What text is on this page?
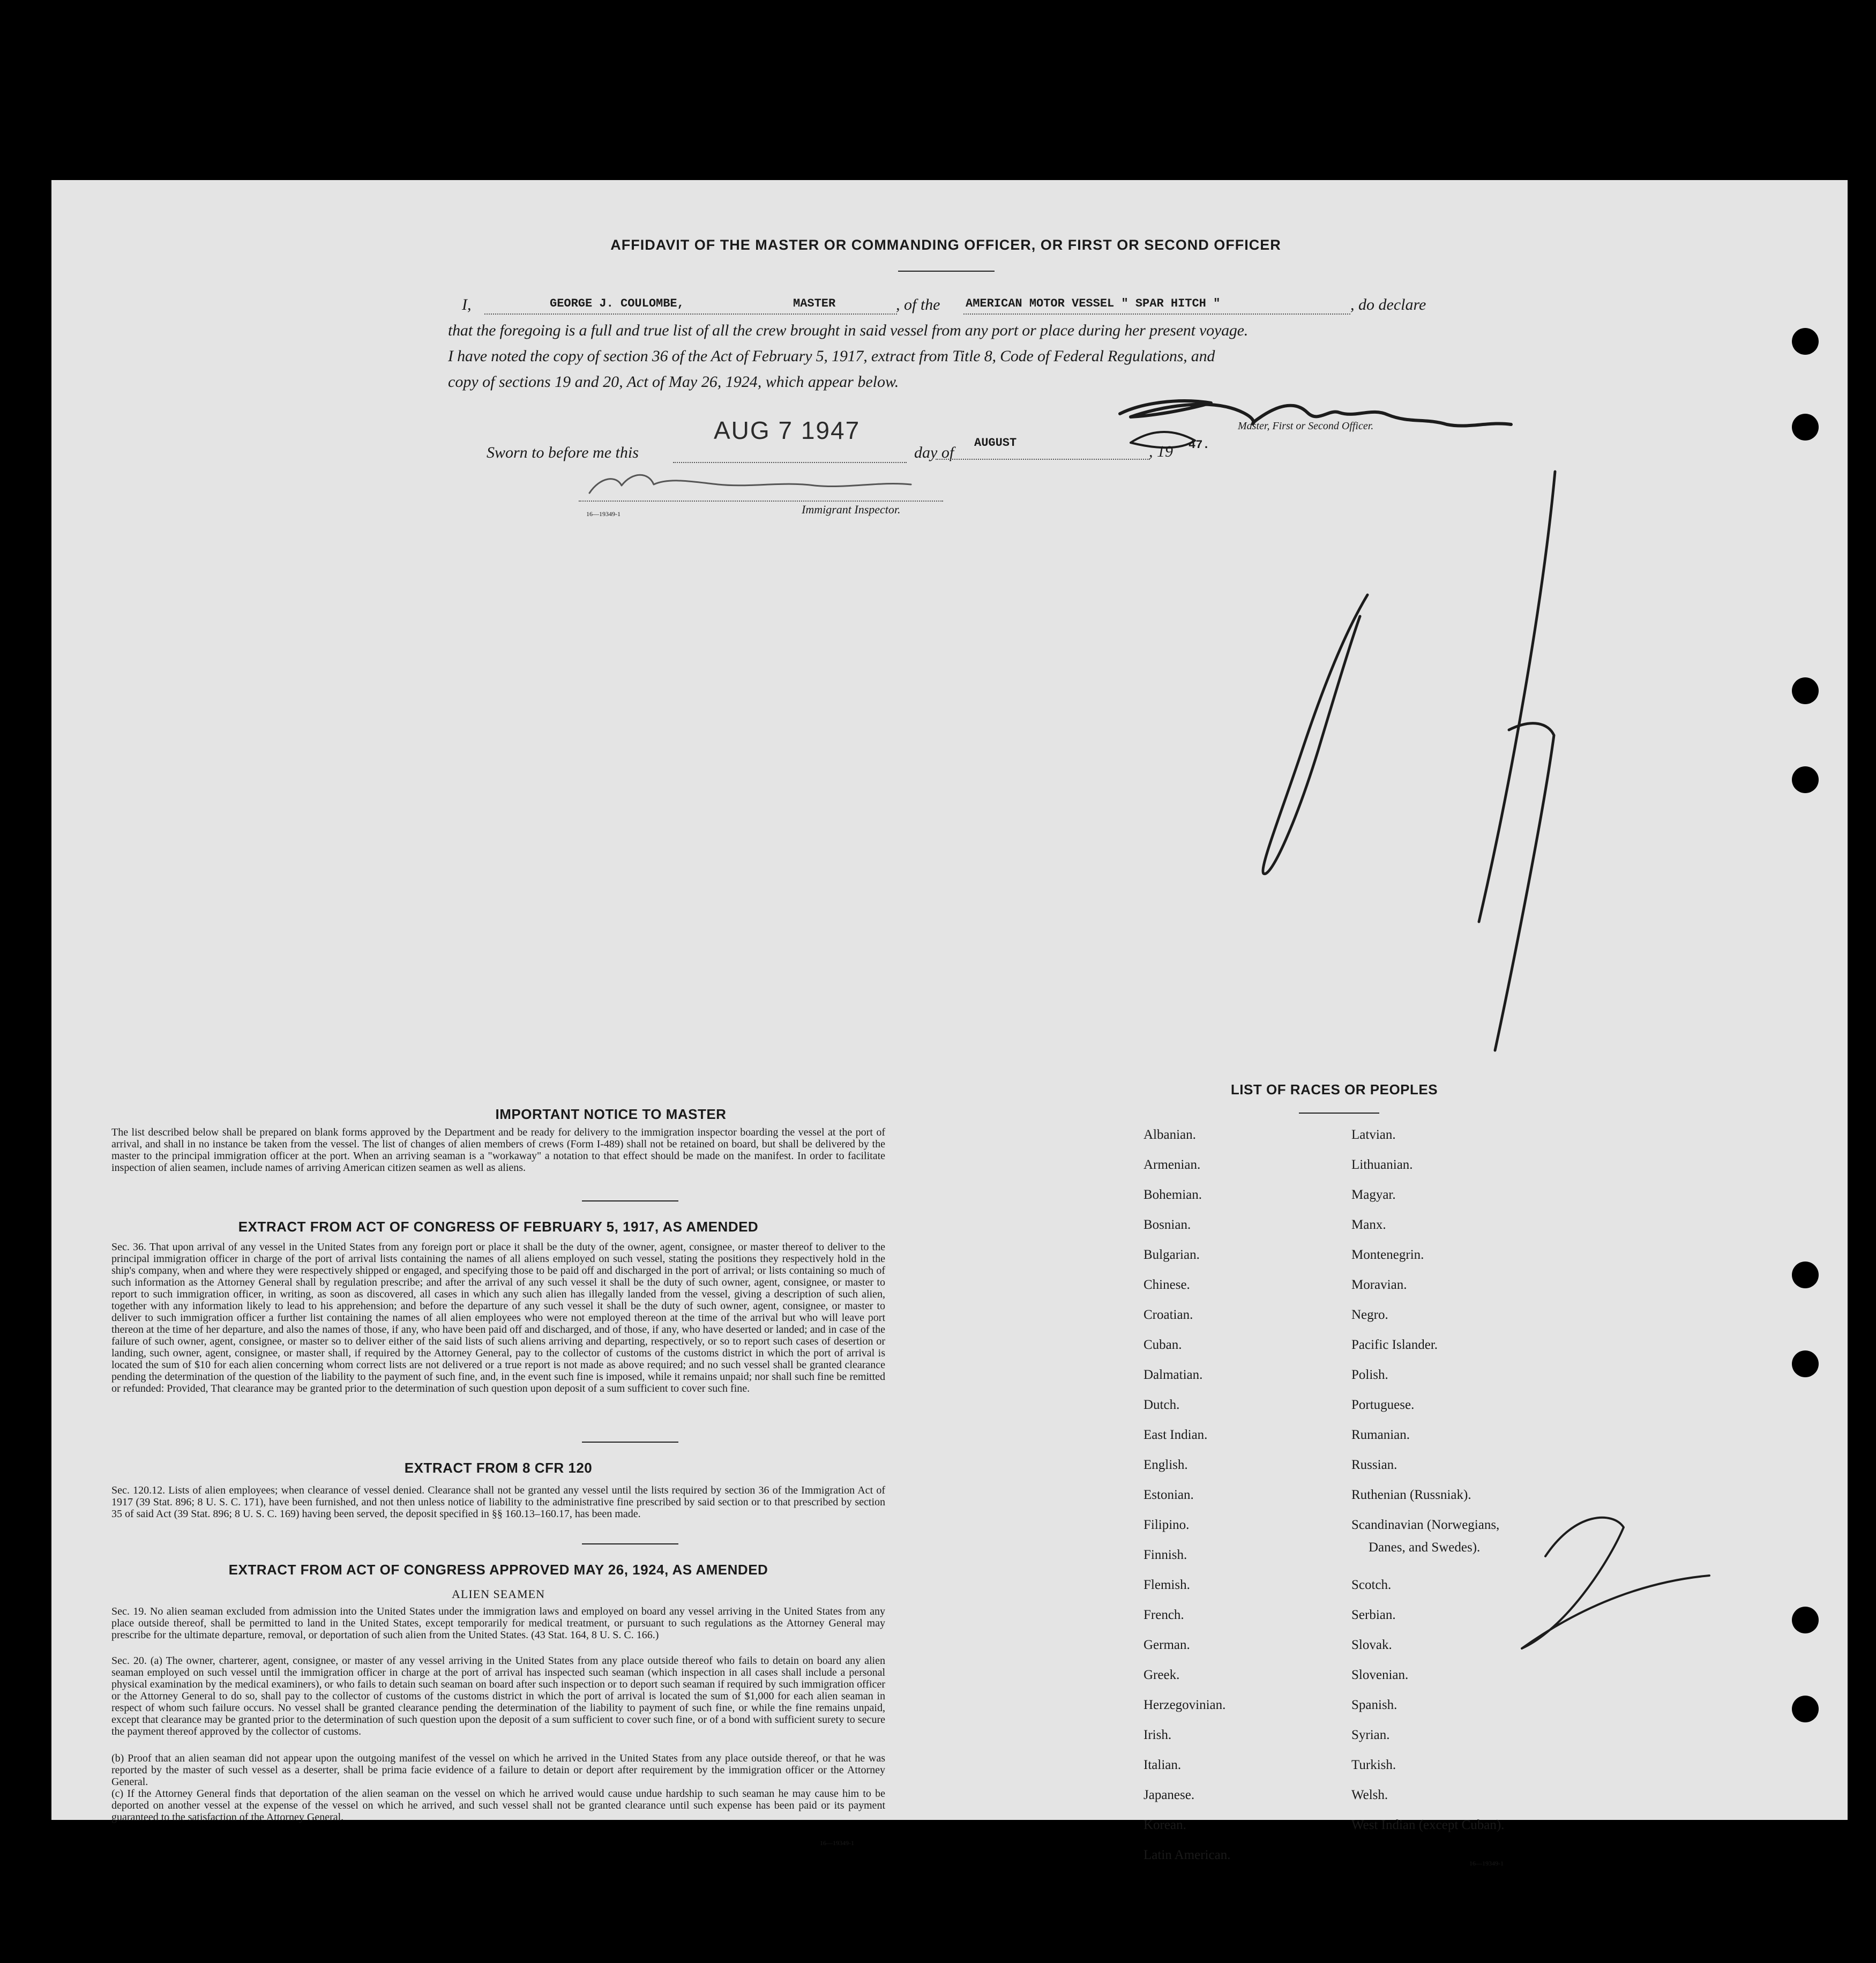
AFFIDAVIT OF THE MASTER OR COMMANDING OFFICER, OR FIRST OR SECOND OFFICER
I,	GEORGE J. COULOMBE,	MASTER	, of the AMERICAN MOTOR VESSEL " SPAR HITCH "	, do declare
that the foregoing is a full and true list of all the crew brought in said vessel from any port or place during her present voyage.
I have noted the copy of section 36 of the Act of February 5, 1917, extract from Title 8, Code of Federal Regulations, and
copy of sections 19 and 20, Act of May 26, 1924, which appear below.
Sworn to before me this
AUG 7 1947
day of
AUGUST	, 19 47.
Master, First or Second Officer.
Immigrant Inspector.
16—19349-1
IMPORTANT NOTICE TO MASTER
The list described below shall be prepared on blank forms approved by the Department and be ready for delivery to the immigration inspector boarding the vessel at the port of arrival, and shall in no instance be taken from the vessel. The list of changes of alien members of crews (Form I-489) shall not be retained on board, but shall be delivered by the master to the principal immigration officer at the port. When an arriving seaman is a "workaway" a notation to that effect should be made on the manifest. In order to facilitate inspection of alien seamen, include names of arriving American citizen seamen as well as aliens.
EXTRACT FROM ACT OF CONGRESS OF FEBRUARY 5, 1917, AS AMENDED
Sec. 36. That upon arrival of any vessel in the United States from any foreign port or place it shall be the duty of the owner, agent, consignee, or master thereof to deliver to the principal immigration officer in charge of the port of arrival lists containing the names of all aliens employed on such vessel, stating the positions they respectively hold in the ship's company, when and where they were respectively shipped or engaged, and specifying those to be paid off and discharged in the port of arrival; or lists containing so much of such information as the Attorney General shall by regulation prescribe; and after the arrival of any such vessel it shall be the duty of such owner, agent, consignee, or master to report to such immigration officer, in writing, as soon as discovered, all cases in which any such alien has illegally landed from the vessel, giving a description of such alien, together with any information likely to lead to his apprehension; and before the departure of any such vessel it shall be the duty of such owner, agent, consignee, or master to deliver to such immigration officer a further list containing the names of all alien employees who were not employed thereon at the time of the arrival but who will leave port thereon at the time of her departure, and also the names of those, if any, who have been paid off and discharged, and of those, if any, who have deserted or landed; and in case of the failure of such owner, agent, consignee, or master so to deliver either of the said lists of such aliens arriving and departing, respectively, or so to report such cases of desertion or landing, such owner, agent, consignee, or master shall, if required by the Attorney General, pay to the collector of customs of the customs district in which the port of arrival is located the sum of $10 for each alien concerning whom correct lists are not delivered or a true report is not made as above required; and no such vessel shall be granted clearance pending the determination of the question of the liability to the payment of such fine, and, in the event such fine is imposed, while it remains unpaid; nor shall such fine be remitted or refunded: Provided, That clearance may be granted prior to the determination of such question upon deposit of a sum sufficient to cover such fine.
EXTRACT FROM 8 CFR 120
Sec. 120.12. Lists of alien employees; when clearance of vessel denied. Clearance shall not be granted any vessel until the lists required by section 36 of the Immigration Act of 1917 (39 Stat. 896; 8 U. S. C. 171), have been furnished, and not then unless notice of liability to the administrative fine prescribed by said section or to that prescribed by section 35 of said Act (39 Stat. 896; 8 U. S. C. 169) having been served, the deposit specified in §§ 160.13–160.17, has been made.
EXTRACT FROM ACT OF CONGRESS APPROVED MAY 26, 1924, AS AMENDED
ALIEN SEAMEN
Sec. 19. No alien seaman excluded from admission into the United States under the immigration laws and employed on board any vessel arriving in the United States from any place outside thereof, shall be permitted to land in the United States, except temporarily for medical treatment, or pursuant to such regulations as the Attorney General may prescribe for the ultimate departure, removal, or deportation of such alien from the United States. (43 Stat. 164, 8 U. S. C. 166.)
Sec. 20. (a) The owner, charterer, agent, consignee, or master of any vessel arriving in the United States from any place outside thereof who fails to detain on board any alien seaman employed on such vessel until the immigration officer in charge at the port of arrival has inspected such seaman (which inspection in all cases shall include a personal physical examination by the medical examiners), or who fails to detain such seaman on board after such inspection or to deport such seaman if required by such immigration officer or the Attorney General to do so, shall pay to the collector of customs of the customs district in which the port of arrival is located the sum of $1,000 for each alien seaman in respect of whom such failure occurs. No vessel shall be granted clearance pending the determination of the liability to payment of such fine, or while the fine remains unpaid, except that clearance may be granted prior to the determination of such question upon the deposit of a sum sufficient to cover such fine, or of a bond with sufficient surety to secure the payment thereof approved by the collector of customs.
(b) Proof that an alien seaman did not appear upon the outgoing manifest of the vessel on which he arrived in the United States from any place outside thereof, or that he was reported by the master of such vessel as a deserter, shall be prima facie evidence of a failure to detain or deport after requirement by the immigration officer or the Attorney General.
(c) If the Attorney General finds that deportation of the alien seaman on the vessel on which he arrived would cause undue hardship to such seaman he may cause him to be deported on another vessel at the expense of the vessel on which he arrived, and such vessel shall not be granted clearance until such expense has been paid or its payment guaranteed to the satisfaction of the Attorney General.
16—19349-1
LIST OF RACES OR PEOPLES
Danes, and Swedes).
16—19349-1
Albanian.
Armenian.
Bohemian.
Bosnian.
Bulgarian.
Chinese.
Croatian.
Cuban.
Dalmatian.
Dutch.
East Indian.
English.
Estonian.
Filipino.
Finnish.
Flemish.
French.
German.
Greek.
Herzegovinian.
Irish.
Italian.
Japanese.
Korean.
Latin American.
Latvian.
Lithuanian.
Magyar.
Manx.
Montenegrin.
Moravian.
Negro.
Pacific Islander.
Polish.
Portuguese.
Rumanian.
Russian.
Ruthenian (Russniak).
Scandinavian (Norwegians,
Scotch.
Serbian.
Slovak.
Slovenian.
Spanish.
Syrian.
Turkish.
Welsh.
West Indian (except Cuban).
